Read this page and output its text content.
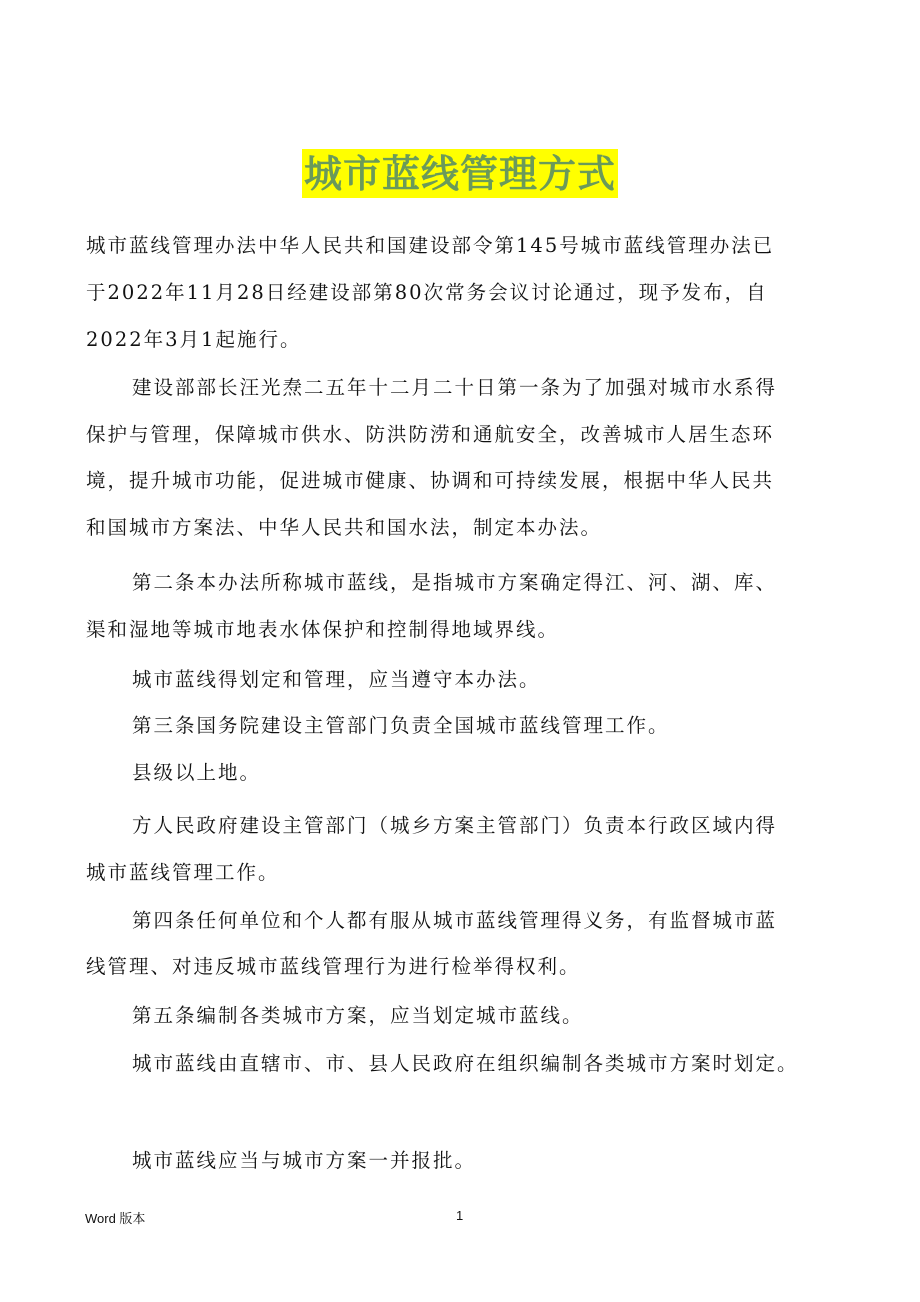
城市蓝线管理方式
城市蓝线管理办法中华人民共和国建设部令第145号城市蓝线管理办法已
于2022年11月28日经建设部第80次常务会议讨论通过，现予发布，自
2022年3月1起施行。
建设部部长汪光焘二五年十二月二十日第一条为了加强对城市水系得
保护与管理，保障城市供水、防洪防涝和通航安全，改善城市人居生态环
境，提升城市功能，促进城市健康、协调和可持续发展，根据中华人民共
和国城市方案法、中华人民共和国水法，制定本办法。
第二条本办法所称城市蓝线，是指城市方案确定得江、河、湖、库、
渠和湿地等城市地表水体保护和控制得地域界线。
城市蓝线得划定和管理，应当遵守本办法。
第三条国务院建设主管部门负责全国城市蓝线管理工作。
县级以上地。
方人民政府建设主管部门（城乡方案主管部门）负责本行政区域内得
城市蓝线管理工作。
第四条任何单位和个人都有服从城市蓝线管理得义务，有监督城市蓝
线管理、对违反城市蓝线管理行为进行检举得权利。
第五条编制各类城市方案，应当划定城市蓝线。
城市蓝线由直辖市、市、县人民政府在组织编制各类城市方案时划定。
城市蓝线应当与城市方案一并报批。
Word 版本	1
